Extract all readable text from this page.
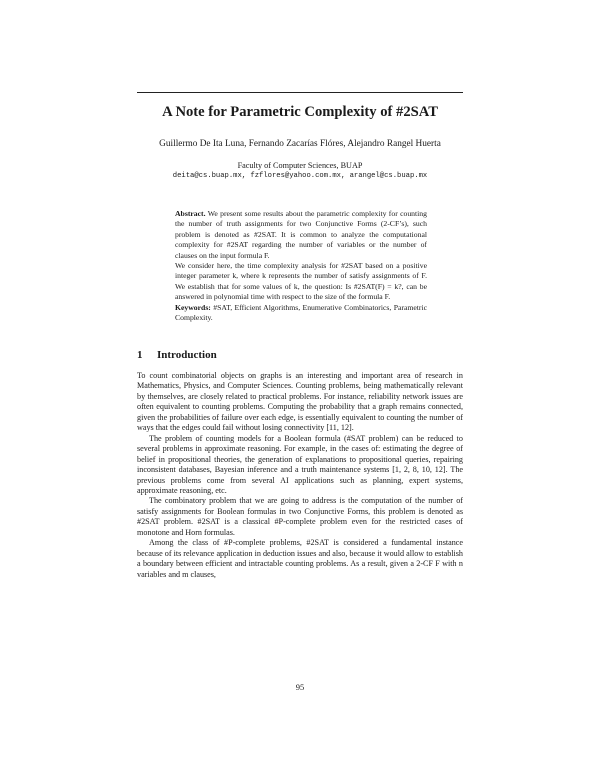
A Note for Parametric Complexity of #2SAT

Guillermo De Ita Luna, Fernando Zacarías Flóres, Alejandro Rangel Huerta

Faculty of Computer Sciences, BUAP
deita@cs.buap.mx, fzflores@yahoo.com.mx, arangel@cs.buap.mx

Abstract. We present some results about the parametric complexity for counting the number of truth assignments for two Conjunctive Forms (2-CF’s), such problem is denoted as #2SAT. It is common to analyze the computational complexity for #2SAT regarding the number of variables or the number of clauses on the input formula F.

We consider here, the time complexity analysis for #2SAT based on a positive integer parameter k, where k represents the number of satisfy assignments of F. We establish that for some values of k, the question: Is #2SAT(F) = k?, can be answered in polynomial time with respect to the size of the formula F.

Keywords: #SAT, Efficient Algorithms, Enumerative Combinatorics, Parametric Complexity.

1 Introduction

To count combinatorial objects on graphs is an interesting and important area of research in Mathematics, Physics, and Computer Sciences. Counting problems, being mathematically relevant by themselves, are closely related to practical problems. For instance, reliability network issues are often equivalent to counting problems. Computing the probability that a graph remains connected, given the probabilities of failure over each edge, is essentially equivalent to counting the number of ways that the edges could fail without losing connectivity [11, 12].

The problem of counting models for a Boolean formula (#SAT problem) can be reduced to several problems in approximate reasoning. For example, in the cases of: estimating the degree of belief in propositional theories, the generation of explanations to propositional queries, repairing inconsistent databases, Bayesian inference and a truth maintenance systems [1, 2, 8, 10, 12]. The previous problems come from several AI applications such as planning, expert systems, approximate reasoning, etc.

The combinatory problem that we are going to address is the computation of the number of satisfy assignments for Boolean formulas in two Conjunctive Forms, this problem is denoted as #2SAT problem. #2SAT is a classical #P-complete problem even for the restricted cases of monotone and Horn formulas.

Among the class of #P-complete problems, #2SAT is considered a fundamental instance because of its relevance application in deduction issues and also, because it would allow to establish a boundary between efficient and intractable counting problems. As a result, given a 2-CF F with n variables and m clauses,

95
